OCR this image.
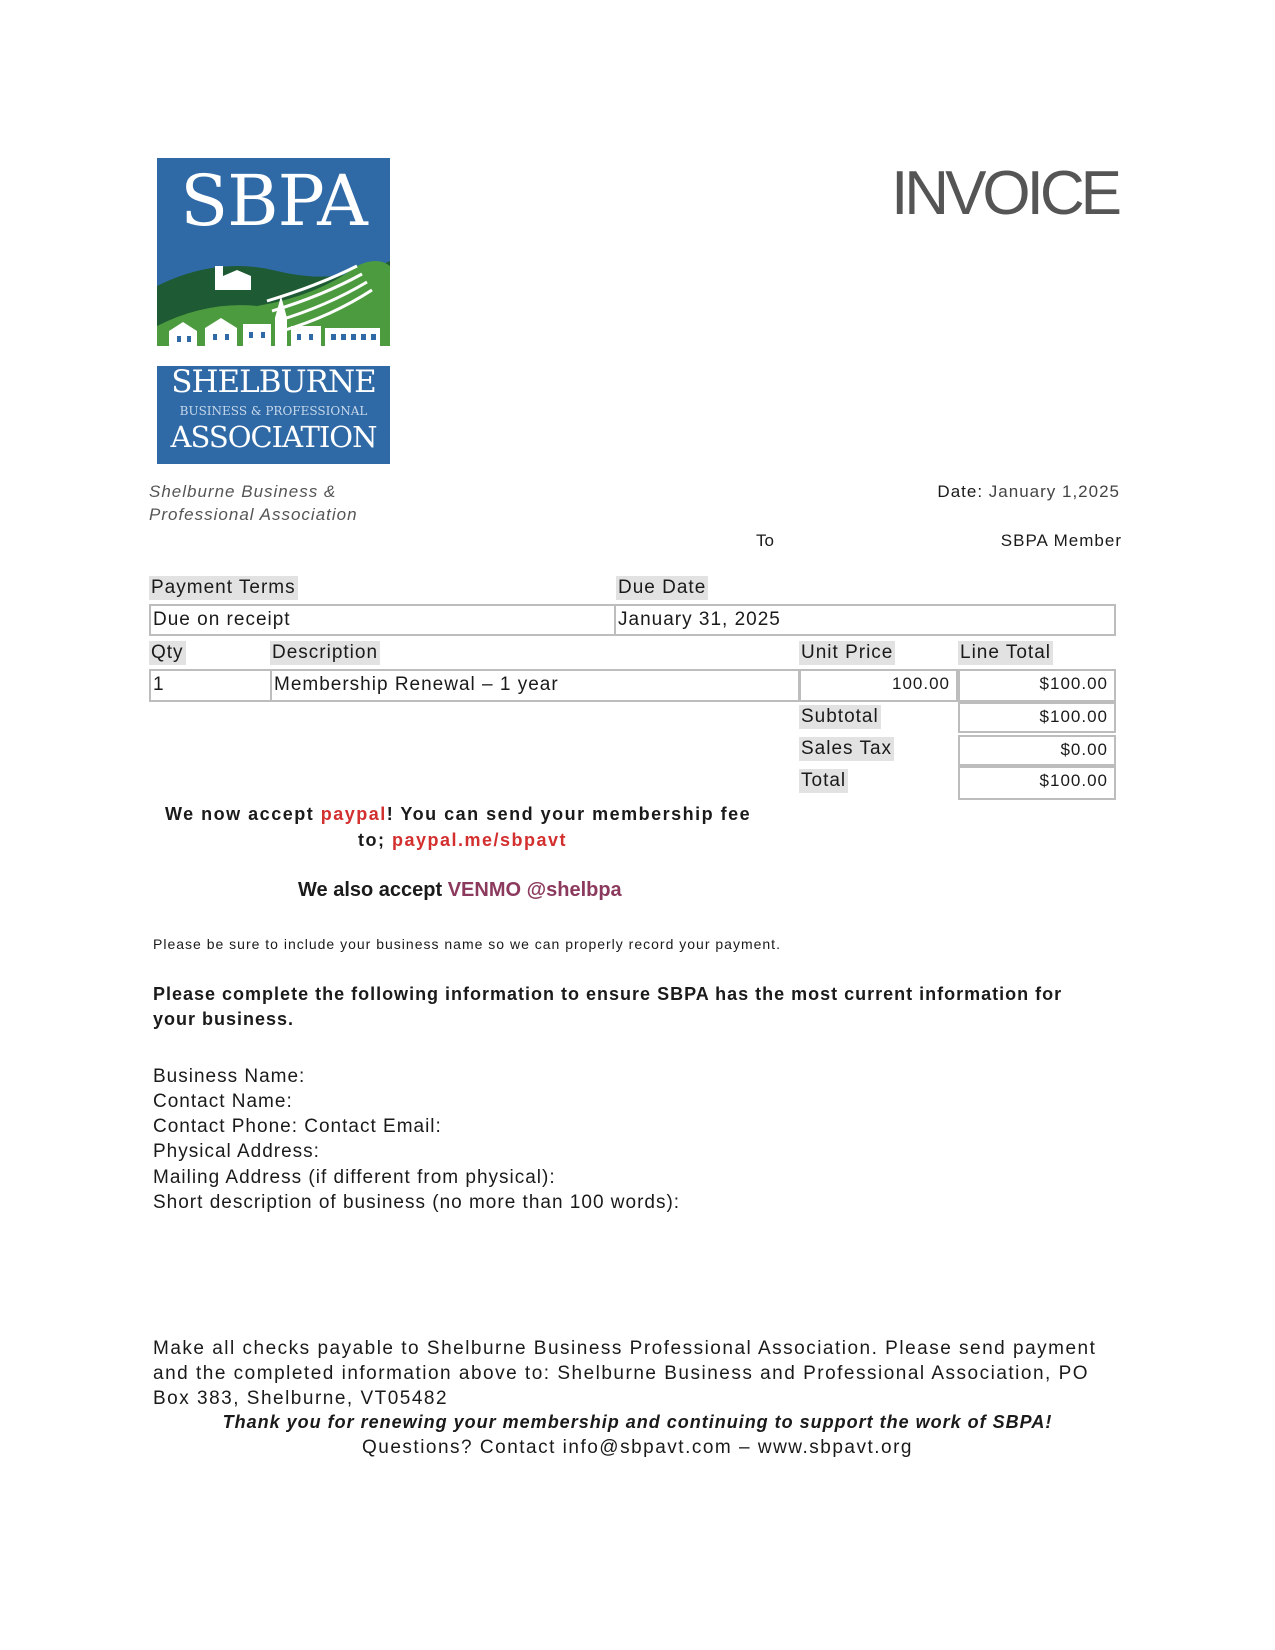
SBPA
SHELBURNE
BUSINESS & PROFESSIONAL
ASSOCIATION
INVOICE
Shelburne Business &
Professional Association
Date: January 1,2025
To	SBPA Member
Payment Terms	Due Date
Due on receipt	January 31, 2025
Qty	Description	Unit Price	Line Total
1	Membership Renewal – 1 year	100.00	$100.00
Subtotal	$100.00
Sales Tax	$0.00
Total	$100.00
We now accept paypal! You can send your membership fee
to; paypal.me/sbpavt
We also accept VENMO @shelbpa
Please be sure to include your business name so we can properly record your payment.
Please complete the following information to ensure SBPA has the most current information for your business.
Business Name:
Contact Name:
Contact Phone: Contact Email:
Physical Address:
Mailing Address (if different from physical):
Short description of business (no more than 100 words):
Make all checks payable to Shelburne Business Professional Association. Please send payment and the completed information above to: Shelburne Business and Professional Association, PO Box 383, Shelburne, VT05482
Thank you for renewing your membership and continuing to support the work of SBPA!
Questions? Contact info@sbpavt.com – www.sbpavt.org
